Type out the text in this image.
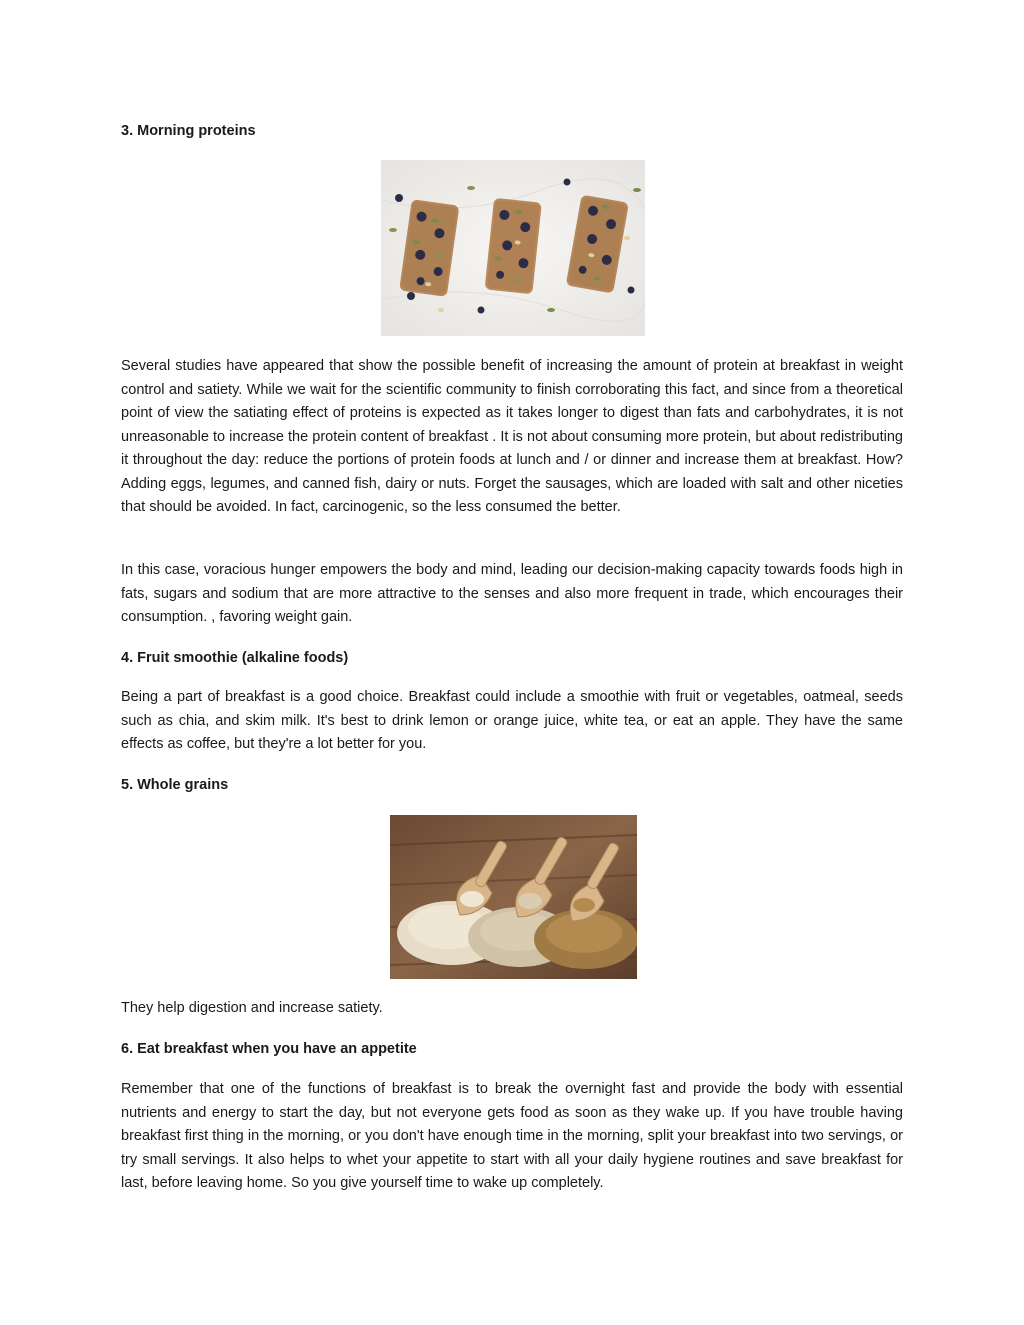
3. Morning proteins

Several studies have appeared that show the possible benefit of increasing the amount of protein at breakfast in weight control and satiety. While we wait for the scientific community to finish corroborating this fact, and since from a theoretical point of view the satiating effect of proteins is expected as it takes longer to digest than fats and carbohydrates, it is not unreasonable to increase the protein content of breakfast . It is not about consuming more protein, but about redistributing it throughout the day: reduce the portions of protein foods at lunch and / or dinner and increase them at breakfast. How? Adding eggs, legumes, and canned fish, dairy or nuts. Forget the sausages, which are loaded with salt and other niceties that should be avoided. In fact, carcinogenic, so the less consumed the better.

In this case, voracious hunger empowers the body and mind, leading our decision-making capacity towards foods high in fats, sugars and sodium that are more attractive to the senses and also more frequent in trade, which encourages their consumption. , favoring weight gain.

4. Fruit smoothie (alkaline foods)

Being a part of breakfast is a good choice. Breakfast could include a smoothie with fruit or vegetables, oatmeal, seeds such as chia, and skim milk. It's best to drink lemon or orange juice, white tea, or eat an apple. They have the same effects as coffee, but they're a lot better for you.

5. Whole grains

They help digestion and increase satiety.

6. Eat breakfast when you have an appetite

Remember that one of the functions of breakfast is to break the overnight fast and provide the body with essential nutrients and energy to start the day, but not everyone gets food as soon as they wake up. If you have trouble having breakfast first thing in the morning, or you don't have enough time in the morning, split your breakfast into two servings, or try small servings. It also helps to whet your appetite to start with all your daily hygiene routines and save breakfast for last, before leaving home. So you give yourself time to wake up completely.
